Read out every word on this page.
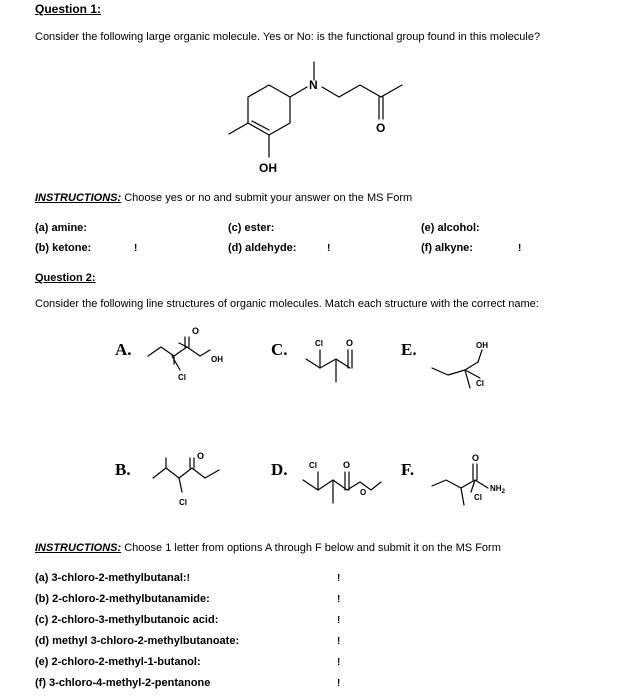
Question 1:
Consider the following large organic molecule. Yes or No: is the functional group found in this molecule?
N
O
OH
INSTRUCTIONS: Choose yes or no and submit your answer on the MS Form
(a) amine:
(b) ketone:	!
(c) ester:
(d) aldehyde:	!
(e) alcohol:
(f) alkyne:	!
Question 2:
Consider the following line structures of organic molecules. Match each structure with the correct name:
A.	C.	E.
B.	D.	F.
O
OH
Cl
Cl	O	OH
Cl
O
Cl
Cl	O
O
O
$NH_2$
Cl
INSTRUCTIONS: Choose 1 letter from options A through F below and submit it on the MS Form
(a) 3-chloro-2-methylbutanal:!	!
(b) 2-chloro-2-methylbutanamide:	!
(c) 2-chloro-3-methylbutanoic acid:	!
(d) methyl 3-chloro-2-methylbutanoate:	!
(e) 2-chloro-2-methyl-1-butanol:	!
(f) 3-chloro-4-methyl-2-pentanone	!
